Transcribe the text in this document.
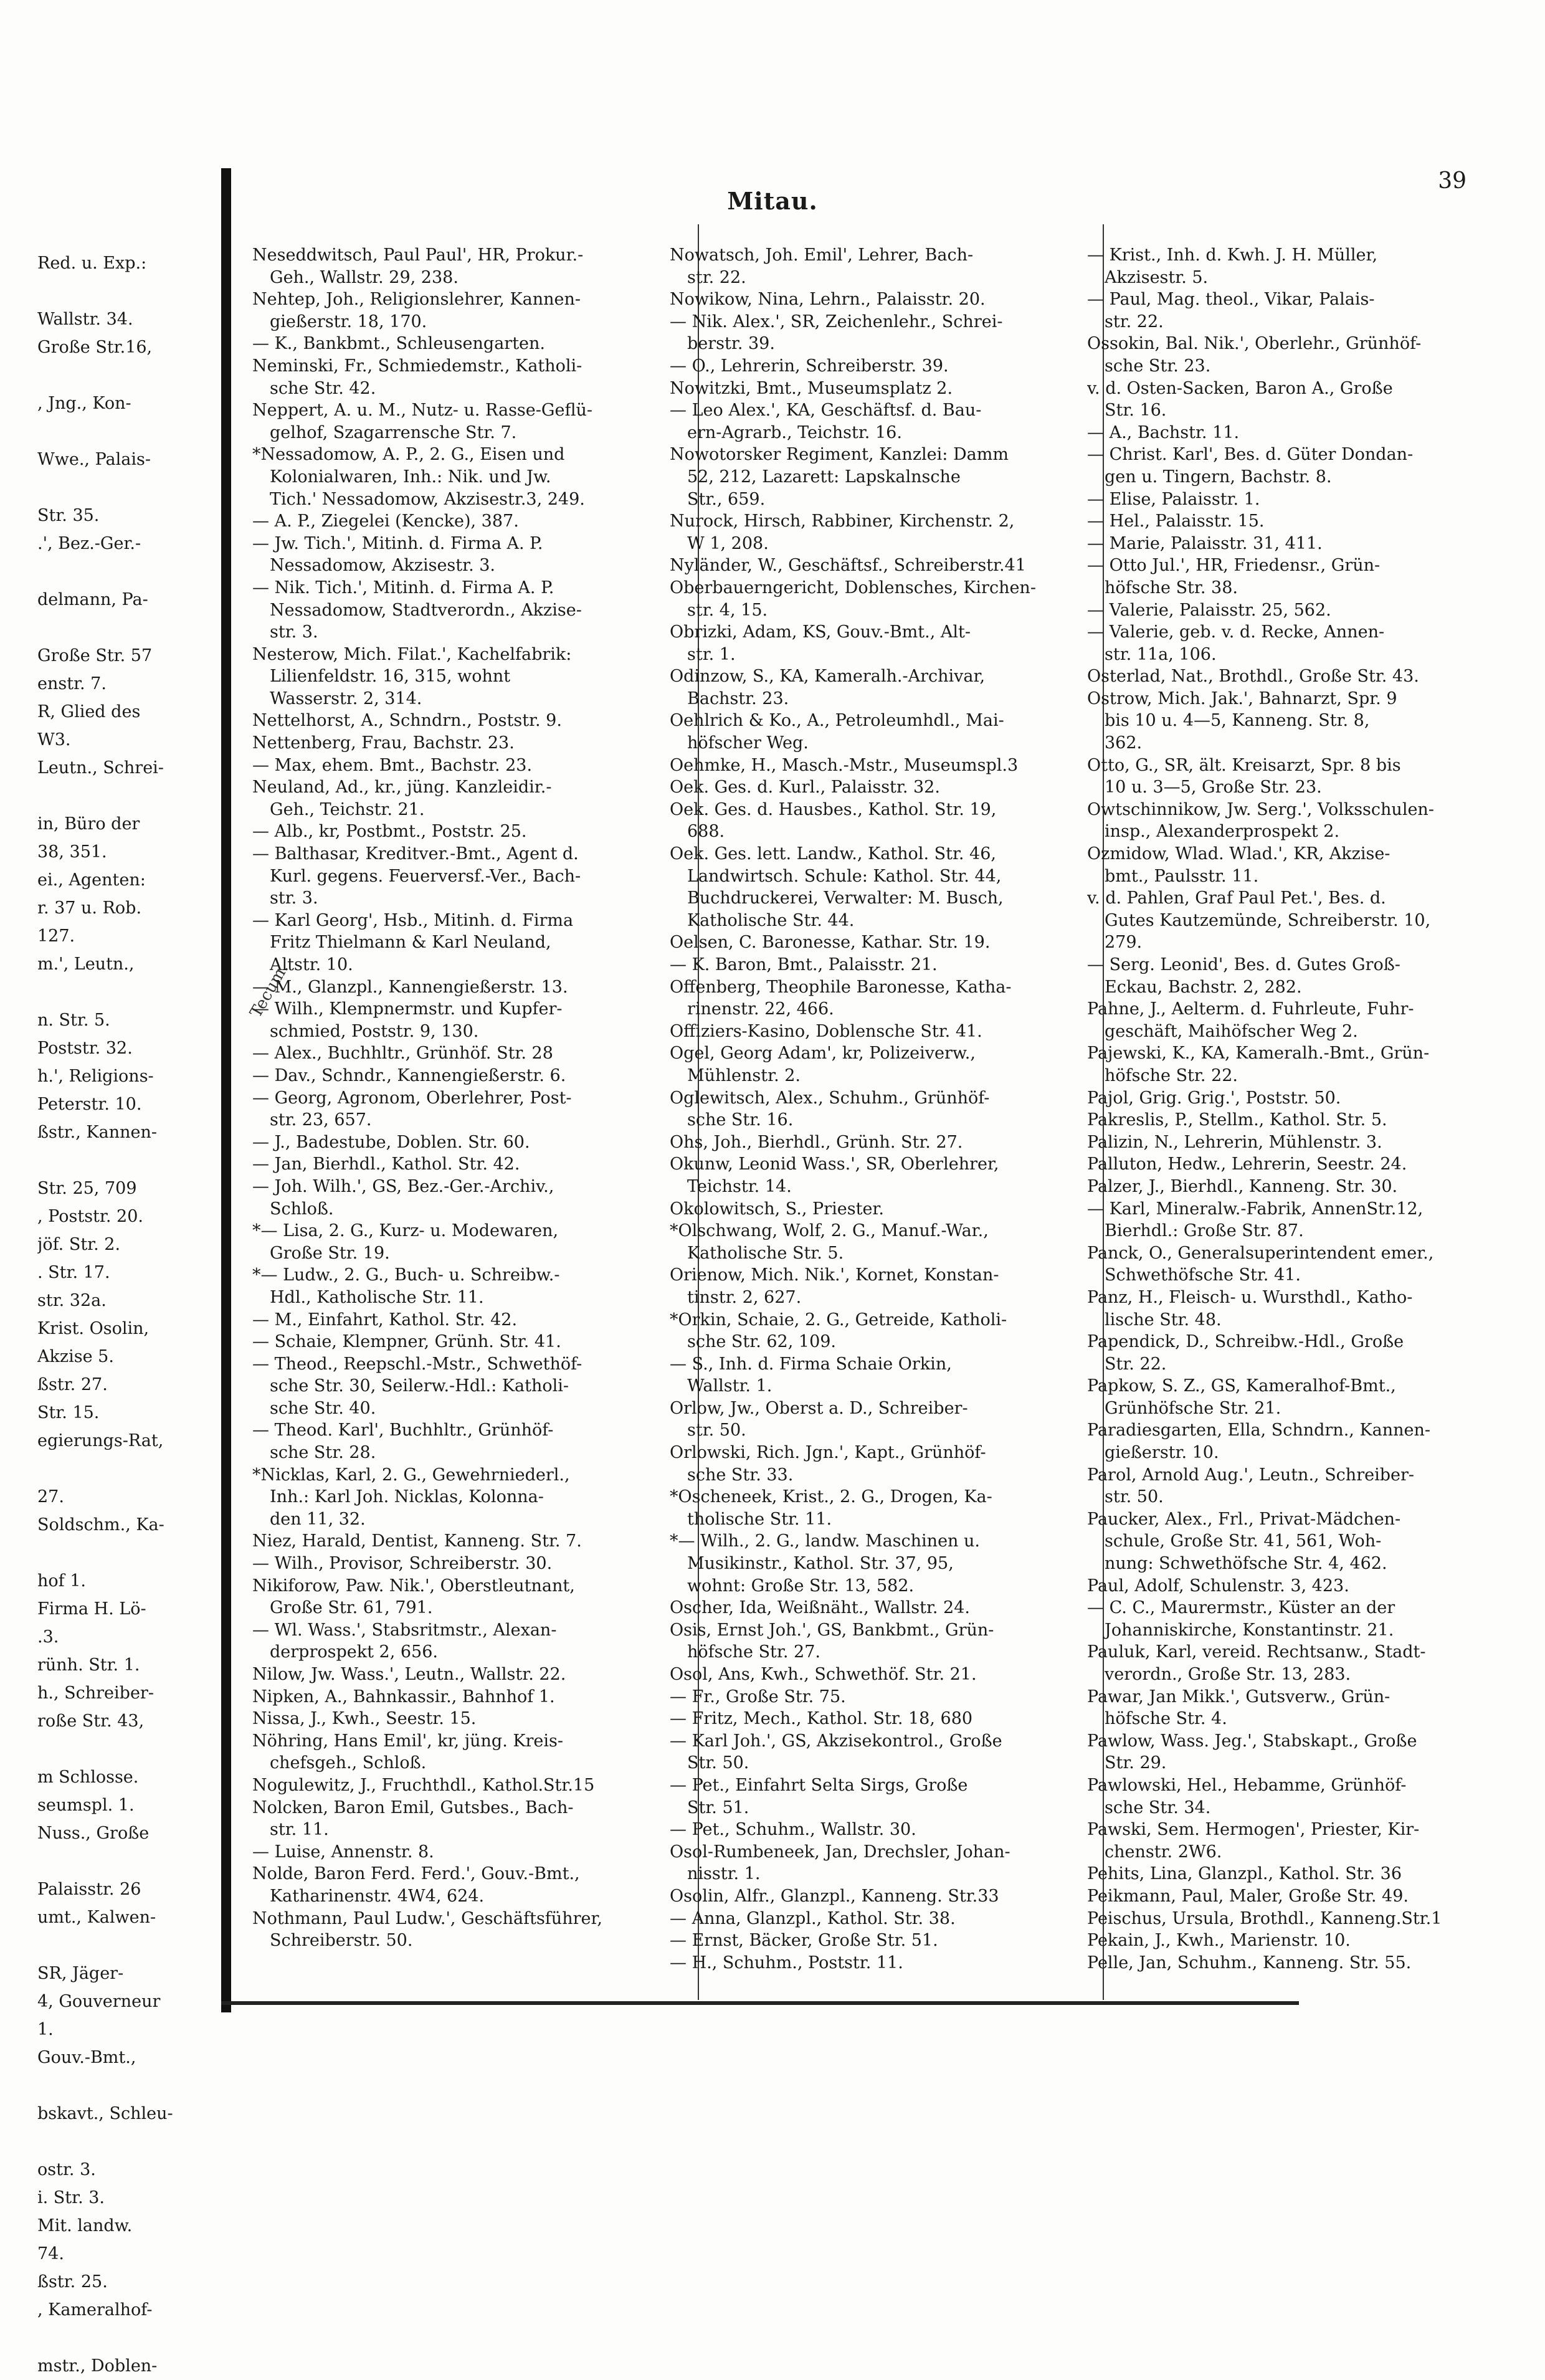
Red. u. Exp.:
Wallstr. 34.
Große Str.16,
, Jng., Kon-
Wwe., Palais-
Str. 35.
.', Bez.-Ger.-
delmann, Pa-
Große Str. 57
enstr. 7.
R, Glied des
W3.
Leutn., Schrei-
in, Büro der
38, 351.
ei., Agenten:
r. 37 u. Rob.
127.
m.', Leutn.,
n. Str. 5.
Poststr. 32.
h.', Religions-
Peterstr. 10.
ßstr., Kannen-
Str. 25, 709
, Poststr. 20.
jöf. Str. 2.
. Str. 17.
str. 32a.
Krist. Osolin,
Akzise 5.
ßstr. 27.
Str. 15.
egierungs-Rat,
27.
Soldschm., Ka-
hof 1.
Firma H. Lö-
.3.
rünh. Str. 1.
h., Schreiber-
roße Str. 43,
m Schlosse.
seumspl. 1.
Nuss., Große
Palaisstr. 26
umt., Kalwen-
SR, Jäger-
4, Gouverneur
1.
Gouv.-Bmt.,
bskavt., Schleu-
ostr. 3.
i. Str. 3.
Mit. landw.
74.
ßstr. 25.
, Kameralhof-
mstr., Doblen-
Mitau.
39
Tecum.
Neseddwitsch, Paul Paul', HR, Prokur.-
Geh., Wallstr. 29, 238.
Nehtep, Joh., Religionslehrer, Kannen-
gießerstr. 18, 170.
— K., Bankbmt., Schleusengarten.
Neminski, Fr., Schmiedemstr., Katholi-
sche Str. 42.
Neppert, A. u. M., Nutz- u. Rasse-Geflü-
gelhof, Szagarrensche Str. 7.
*Nessadomow, A. P., 2. G., Eisen und
Kolonialwaren, Inh.: Nik. und Jw.
Tich.' Nessadomow, Akzisestr.3, 249.
— A. P., Ziegelei (Kencke), 387.
— Jw. Tich.', Mitinh. d. Firma A. P.
Nessadomow, Akzisestr. 3.
— Nik. Tich.', Mitinh. d. Firma A. P.
Nessadomow, Stadtverordn., Akzise-
str. 3.
Nesterow, Mich. Filat.', Kachelfabrik:
Lilienfeldstr. 16, 315, wohnt
Wasserstr. 2, 314.
Nettelhorst, A., Schndrn., Poststr. 9.
Nettenberg, Frau, Bachstr. 23.
— Max, ehem. Bmt., Bachstr. 23.
Neuland, Ad., kr., jüng. Kanzleidir.-
Geh., Teichstr. 21.
— Alb., kr, Postbmt., Poststr. 25.
— Balthasar, Kreditver.-Bmt., Agent d.
Kurl. gegens. Feuerversf.-Ver., Bach-
str. 3.
— Karl Georg', Hsb., Mitinh. d. Firma
Fritz Thielmann & Karl Neuland,
Altstr. 10.
— M., Glanzpl., Kannengießerstr. 13.
— Wilh., Klempnermstr. und Kupfer-
schmied, Poststr. 9, 130.
— Alex., Buchhltr., Grünhöf. Str. 28
— Dav., Schndr., Kannengießerstr. 6.
— Georg, Agronom, Oberlehrer, Post-
str. 23, 657.
— J., Badestube, Doblen. Str. 60.
— Jan, Bierhdl., Kathol. Str. 42.
— Joh. Wilh.', GS, Bez.-Ger.-Archiv.,
Schloß.
*— Lisa, 2. G., Kurz- u. Modewaren,
Große Str. 19.
*— Ludw., 2. G., Buch- u. Schreibw.-
Hdl., Katholische Str. 11.
— M., Einfahrt, Kathol. Str. 42.
— Schaie, Klempner, Grünh. Str. 41.
— Theod., Reepschl.-Mstr., Schwethöf-
sche Str. 30, Seilerw.-Hdl.: Katholi-
sche Str. 40.
— Theod. Karl', Buchhltr., Grünhöf-
sche Str. 28.
*Nicklas, Karl, 2. G., Gewehrniederl.,
Inh.: Karl Joh. Nicklas, Kolonna-
den 11, 32.
Niez, Harald, Dentist, Kanneng. Str. 7.
— Wilh., Provisor, Schreiberstr. 30.
Nikiforow, Paw. Nik.', Oberstleutnant,
Große Str. 61, 791.
— Wl. Wass.', Stabsritmstr., Alexan-
derprospekt 2, 656.
Nilow, Jw. Wass.', Leutn., Wallstr. 22.
Nipken, A., Bahnkassir., Bahnhof 1.
Nissa, J., Kwh., Seestr. 15.
Nöhring, Hans Emil', kr, jüng. Kreis-
chefsgeh., Schloß.
Nogulewitz, J., Fruchthdl., Kathol.Str.15
Nolcken, Baron Emil, Gutsbes., Bach-
str. 11.
— Luise, Annenstr. 8.
Nolde, Baron Ferd. Ferd.', Gouv.-Bmt.,
Katharinenstr. 4W4, 624.
Nothmann, Paul Ludw.', Geschäftsführer,
Schreiberstr. 50.
Nowatsch, Joh. Emil', Lehrer, Bach-
str. 22.
Nowikow, Nina, Lehrn., Palaisstr. 20.
— Nik. Alex.', SR, Zeichenlehr., Schrei-
berstr. 39.
— O., Lehrerin, Schreiberstr. 39.
Nowitzki, Bmt., Museumsplatz 2.
— Leo Alex.', KA, Geschäftsf. d. Bau-
ern-Agrarb., Teichstr. 16.
Nowotorsker Regiment, Kanzlei: Damm
52, 212, Lazarett: Lapskalnsche
Str., 659.
Nurock, Hirsch, Rabbiner, Kirchenstr. 2,
W 1, 208.
Nyländer, W., Geschäftsf., Schreiberstr.41
Oberbauerngericht, Doblensches, Kirchen-
str. 4, 15.
Obrizki, Adam, KS, Gouv.-Bmt., Alt-
str. 1.
Odinzow, S., KA, Kameralh.-Archivar,
Bachstr. 23.
Oehlrich & Ko., A., Petroleumhdl., Mai-
höfscher Weg.
Oehmke, H., Masch.-Mstr., Museumspl.3
Oek. Ges. d. Kurl., Palaisstr. 32.
Oek. Ges. d. Hausbes., Kathol. Str. 19,
688.
Oek. Ges. lett. Landw., Kathol. Str. 46,
Landwirtsch. Schule: Kathol. Str. 44,
Buchdruckerei, Verwalter: M. Busch,
Katholische Str. 44.
Oelsen, C. Baronesse, Kathar. Str. 19.
— K. Baron, Bmt., Palaisstr. 21.
Offenberg, Theophile Baronesse, Katha-
rinenstr. 22, 466.
Offiziers-Kasino, Doblensche Str. 41.
Ogel, Georg Adam', kr, Polizeiverw.,
Mühlenstr. 2.
Oglewitsch, Alex., Schuhm., Grünhöf-
sche Str. 16.
Ohs, Joh., Bierhdl., Grünh. Str. 27.
Okunw, Leonid Wass.', SR, Oberlehrer,
Teichstr. 14.
Okolowitsch, S., Priester.
*Olschwang, Wolf, 2. G., Manuf.-War.,
Katholische Str. 5.
Orienow, Mich. Nik.', Kornet, Konstan-
tinstr. 2, 627.
*Orkin, Schaie, 2. G., Getreide, Katholi-
sche Str. 62, 109.
— S., Inh. d. Firma Schaie Orkin,
Wallstr. 1.
Orlow, Jw., Oberst a. D., Schreiber-
str. 50.
Orlowski, Rich. Jgn.', Kapt., Grünhöf-
sche Str. 33.
*Oscheneek, Krist., 2. G., Drogen, Ka-
tholische Str. 11.
*— Wilh., 2. G., landw. Maschinen u.
Musikinstr., Kathol. Str. 37, 95,
wohnt: Große Str. 13, 582.
Oscher, Ida, Weißnäht., Wallstr. 24.
Osis, Ernst Joh.', GS, Bankbmt., Grün-
höfsche Str. 27.
Osol, Ans, Kwh., Schwethöf. Str. 21.
— Fr., Große Str. 75.
— Fritz, Mech., Kathol. Str. 18, 680
— Karl Joh.', GS, Akzisekontrol., Große
Str. 50.
— Pet., Einfahrt Selta Sirgs, Große
Str. 51.
— Pet., Schuhm., Wallstr. 30.
Osol-Rumbeneek, Jan, Drechsler, Johan-
nisstr. 1.
Osolin, Alfr., Glanzpl., Kanneng. Str.33
— Anna, Glanzpl., Kathol. Str. 38.
— Ernst, Bäcker, Große Str. 51.
— H., Schuhm., Poststr. 11.
— Krist., Inh. d. Kwh. J. H. Müller,
Akzisestr. 5.
— Paul, Mag. theol., Vikar, Palais-
str. 22.
Ossokin, Bal. Nik.', Oberlehr., Grünhöf-
sche Str. 23.
v. d. Osten-Sacken, Baron A., Große
Str. 16.
— A., Bachstr. 11.
— Christ. Karl', Bes. d. Güter Dondan-
gen u. Tingern, Bachstr. 8.
— Elise, Palaisstr. 1.
— Hel., Palaisstr. 15.
— Marie, Palaisstr. 31, 411.
— Otto Jul.', HR, Friedensr., Grün-
höfsche Str. 38.
— Valerie, Palaisstr. 25, 562.
— Valerie, geb. v. d. Recke, Annen-
str. 11a, 106.
Osterlad, Nat., Brothdl., Große Str. 43.
Ostrow, Mich. Jak.', Bahnarzt, Spr. 9
bis 10 u. 4—5, Kanneng. Str. 8,
362.
Otto, G., SR, ält. Kreisarzt, Spr. 8 bis
10 u. 3—5, Große Str. 23.
Owtschinnikow, Jw. Serg.', Volksschulen-
insp., Alexanderprospekt 2.
Ozmidow, Wlad. Wlad.', KR, Akzise-
bmt., Paulsstr. 11.
v. d. Pahlen, Graf Paul Pet.', Bes. d.
Gutes Kautzemünde, Schreiberstr. 10,
279.
— Serg. Leonid', Bes. d. Gutes Groß-
Eckau, Bachstr. 2, 282.
Pahne, J., Aelterm. d. Fuhrleute, Fuhr-
geschäft, Maihöfscher Weg 2.
Pajewski, K., KA, Kameralh.-Bmt., Grün-
höfsche Str. 22.
Pajol, Grig. Grig.', Poststr. 50.
Pakreslis, P., Stellm., Kathol. Str. 5.
Palizin, N., Lehrerin, Mühlenstr. 3.
Palluton, Hedw., Lehrerin, Seestr. 24.
Palzer, J., Bierhdl., Kanneng. Str. 30.
— Karl, Mineralw.-Fabrik, AnnenStr.12,
Bierhdl.: Große Str. 87.
Panck, O., Generalsuperintendent emer.,
Schwethöfsche Str. 41.
Panz, H., Fleisch- u. Wursthdl., Katho-
lische Str. 48.
Papendick, D., Schreibw.-Hdl., Große
Str. 22.
Papkow, S. Z., GS, Kameralhof-Bmt.,
Grünhöfsche Str. 21.
Paradiesgarten, Ella, Schndrn., Kannen-
gießerstr. 10.
Parol, Arnold Aug.', Leutn., Schreiber-
str. 50.
Paucker, Alex., Frl., Privat-Mädchen-
schule, Große Str. 41, 561, Woh-
nung: Schwethöfsche Str. 4, 462.
Paul, Adolf, Schulenstr. 3, 423.
— C. C., Maurermstr., Küster an der
Johanniskirche, Konstantinstr. 21.
Pauluk, Karl, vereid. Rechtsanw., Stadt-
verordn., Große Str. 13, 283.
Pawar, Jan Mikk.', Gutsverw., Grün-
höfsche Str. 4.
Pawlow, Wass. Jeg.', Stabskapt., Große
Str. 29.
Pawlowski, Hel., Hebamme, Grünhöf-
sche Str. 34.
Pawski, Sem. Hermogen', Priester, Kir-
chenstr. 2W6.
Pehits, Lina, Glanzpl., Kathol. Str. 36
Peikmann, Paul, Maler, Große Str. 49.
Peischus, Ursula, Brothdl., Kanneng.Str.1
Pekain, J., Kwh., Marienstr. 10.
Pelle, Jan, Schuhm., Kanneng. Str. 55.
